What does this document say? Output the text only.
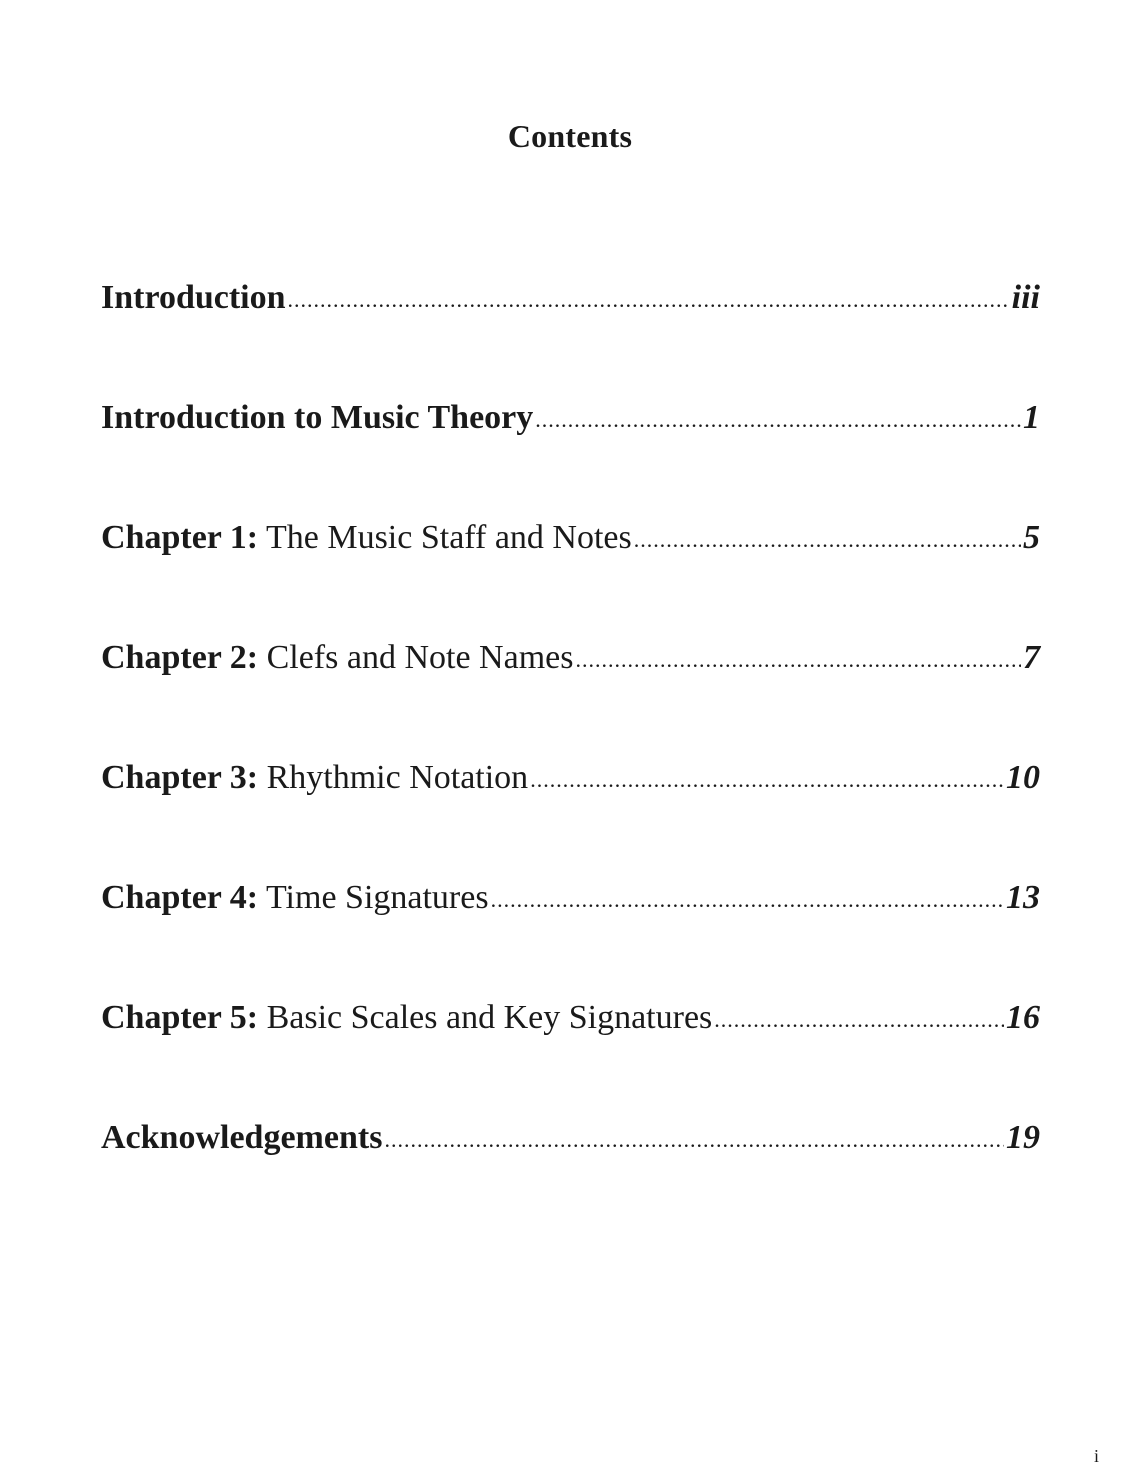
Contents
Introduction .....	iii
Introduction to Music Theory .....	1
Chapter 1: The Music Staff and Notes .....	5
Chapter 2: Clefs and Note Names .....	7
Chapter 3: Rhythmic Notation .....	10
Chapter 4: Time Signatures .....	13
Chapter 5: Basic Scales and Key Signatures .....	16
Acknowledgements .....	19
i
